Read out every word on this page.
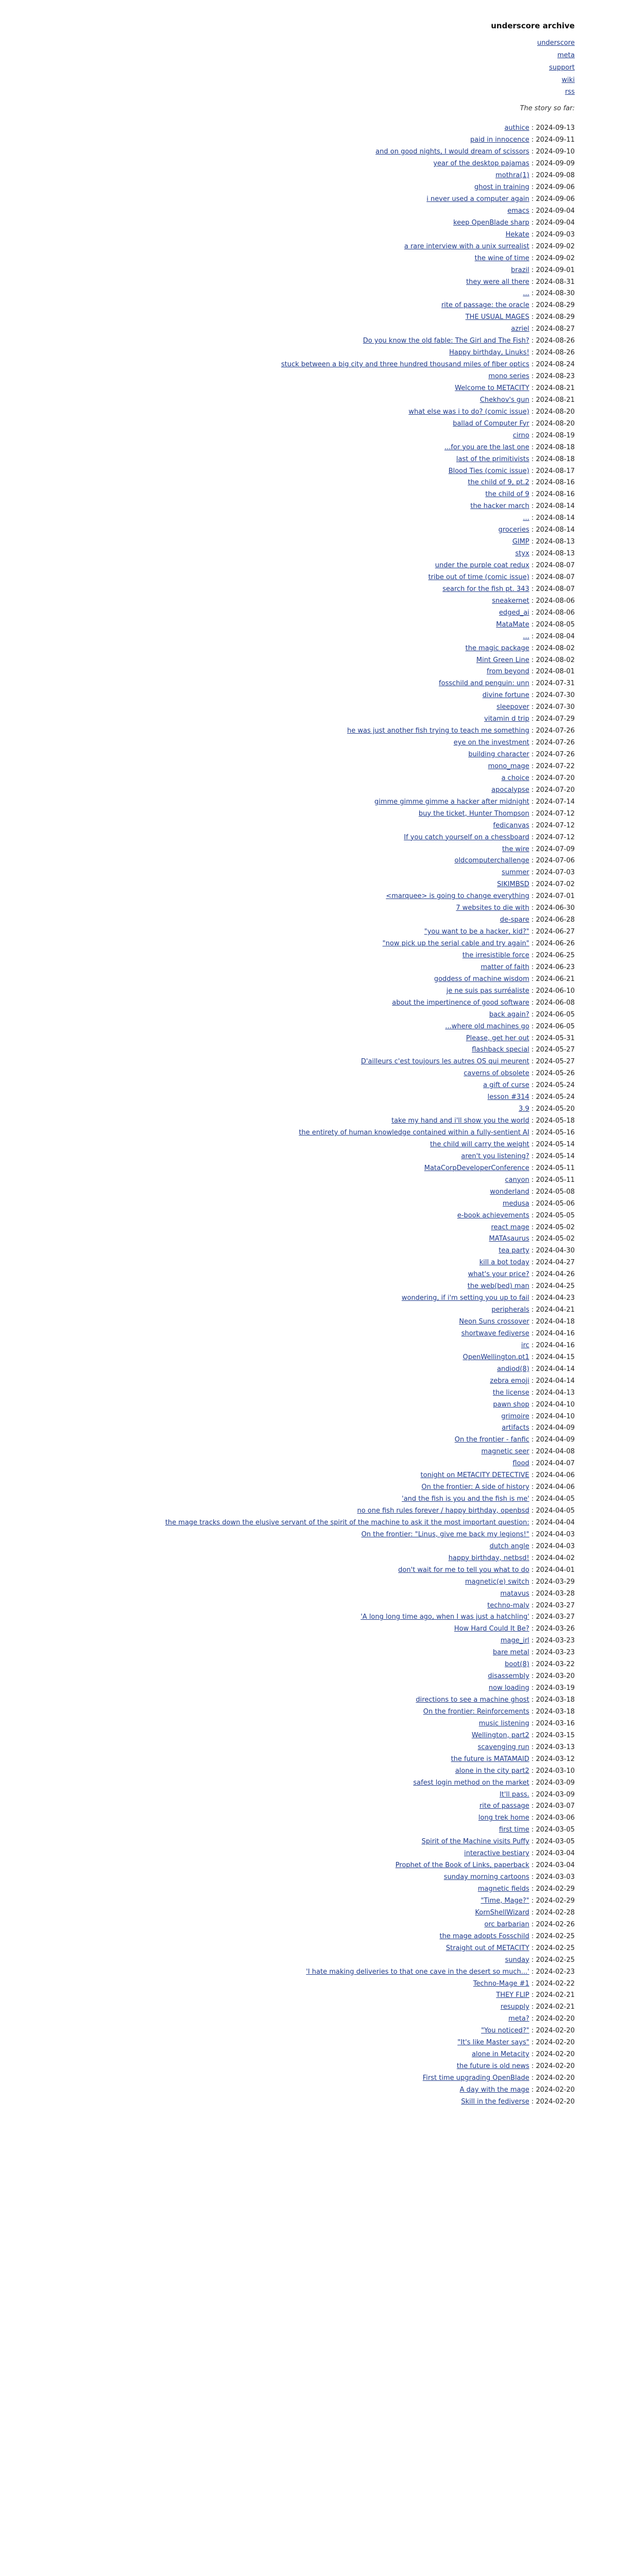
underscore archive
underscore
meta
support
wiki
rss
The story so far:
authice : 2024-09-13
paid in innocence : 2024-09-11
and on good nights, I would dream of scissors : 2024-09-10
year of the desktop pajamas : 2024-09-09
mothra(1) : 2024-09-08
ghost in training : 2024-09-06
i never used a computer again : 2024-09-06
emacs : 2024-09-04
keep OpenBlade sharp : 2024-09-04
Hekate : 2024-09-03
a rare interview with a unix surrealist : 2024-09-02
the wine of time : 2024-09-02
brazil : 2024-09-01
they were all there : 2024-08-31
... : 2024-08-30
rite of passage: the oracle : 2024-08-29
THE USUAL MAGES : 2024-08-29
azriel : 2024-08-27
Do you know the old fable: The Girl and The Fish? : 2024-08-26
Happy birthday, Linuks! : 2024-08-26
stuck between a big city and three hundred thousand miles of fiber optics : 2024-08-24
mono series : 2024-08-23
Welcome to METACITY : 2024-08-21
Chekhov's gun : 2024-08-21
what else was i to do? (comic issue) : 2024-08-20
ballad of Computer Fyr : 2024-08-20
cirno : 2024-08-19
...for you are the last one : 2024-08-18
last of the primitivists : 2024-08-18
Blood Ties (comic issue) : 2024-08-17
the child of 9, pt.2 : 2024-08-16
the child of 9 : 2024-08-16
the hacker march : 2024-08-14
... : 2024-08-14
groceries : 2024-08-14
GIMP : 2024-08-13
styx : 2024-08-13
under the purple coat redux : 2024-08-07
tribe out of time (comic issue) : 2024-08-07
search for the fish pt. 343 : 2024-08-07
sneakernet : 2024-08-06
edged_ai : 2024-08-06
MataMate : 2024-08-05
... : 2024-08-04
the magic package : 2024-08-02
Mint Green Line : 2024-08-02
from beyond : 2024-08-01
fosschild and penguin: unn : 2024-07-31
divine fortune : 2024-07-30
sleepover : 2024-07-30
vitamin d trip : 2024-07-29
he was just another fish trying to teach me something : 2024-07-26
eye on the investment : 2024-07-26
building character : 2024-07-26
mono_mage : 2024-07-22
a choice : 2024-07-20
apocalypse : 2024-07-20
gimme gimme gimme a hacker after midnight : 2024-07-14
buy the ticket, Hunter Thompson : 2024-07-12
fedicanvas : 2024-07-12
If you catch yourself on a chessboard : 2024-07-12
the wire : 2024-07-09
oldcomputerchallenge : 2024-07-06
summer : 2024-07-03
SIKIMBSD : 2024-07-02
<marquee> is going to change everything : 2024-07-01
7 websites to die with : 2024-06-30
de-spare : 2024-06-28
"you want to be a hacker, kid?" : 2024-06-27
"now pick up the serial cable and try again" : 2024-06-26
the irresistible force : 2024-06-25
matter of faith : 2024-06-23
goddess of machine wisdom : 2024-06-21
je ne suis pas surréaliste : 2024-06-10
about the impertinence of good software : 2024-06-08
back again? : 2024-06-05
...where old machines go : 2024-06-05
Please, get her out : 2024-05-31
flashback special : 2024-05-27
D'ailleurs c'est toujours les autres OS qui meurent : 2024-05-27
caverns of obsolete : 2024-05-26
a gift of curse : 2024-05-24
lesson #314 : 2024-05-24
3.9 : 2024-05-20
take my hand and i'll show you the world : 2024-05-18
the entirety of human knowledge contained within a fully-sentient AI : 2024-05-16
the child will carry the weight : 2024-05-14
aren't you listening? : 2024-05-14
MataCorpDeveloperConference : 2024-05-11
canyon : 2024-05-11
wonderland : 2024-05-08
medusa : 2024-05-06
e-book achievements : 2024-05-05
react mage : 2024-05-02
MATAsaurus : 2024-05-02
tea party : 2024-04-30
kill a bot today : 2024-04-27
what's your price? : 2024-04-26
the web(bed) man : 2024-04-25
wondering, if i'm setting you up to fail : 2024-04-23
peripherals : 2024-04-21
Neon Suns crossover : 2024-04-18
shortwave fediverse : 2024-04-16
irc : 2024-04-16
OpenWellington.pt1 : 2024-04-15
andiod(8) : 2024-04-14
zebra emoji : 2024-04-14
the license : 2024-04-13
pawn shop : 2024-04-10
grimoire : 2024-04-10
artifacts : 2024-04-09
On the frontier - fanfic : 2024-04-09
magnetic seer : 2024-04-08
flood : 2024-04-07
tonight on METACITY DETECTIVE : 2024-04-06
On the frontier: A side of history : 2024-04-06
'and the fish is you and the fish is me' : 2024-04-05
no one fish rules forever / happy birthday, openbsd : 2024-04-05
the mage tracks down the elusive servant of the spirit of the machine to ask it the most important question: : 2024-04-04
On the frontier: "Linus, give me back my legions!" : 2024-04-03
dutch angle : 2024-04-03
happy birthday, netbsd! : 2024-04-02
don't wait for me to tell you what to do : 2024-04-01
magnetic(e) switch : 2024-03-29
matavus : 2024-03-28
techno-malv : 2024-03-27
'A long long time ago, when I was just a hatchling' : 2024-03-27
How Hard Could It Be? : 2024-03-26
mage_irl : 2024-03-23
bare metal : 2024-03-23
boot(8) : 2024-03-22
disassembly : 2024-03-20
now loading : 2024-03-19
directions to see a machine ghost : 2024-03-18
On the frontier: Reinforcements : 2024-03-18
music listening : 2024-03-16
Wellington, part2 : 2024-03-15
scavenging run : 2024-03-13
the future is MATAMAID : 2024-03-12
alone in the city part2 : 2024-03-10
safest login method on the market : 2024-03-09
It'll pass. : 2024-03-09
rite of passage : 2024-03-07
long trek home : 2024-03-06
first time : 2024-03-05
Spirit of the Machine visits Puffy : 2024-03-05
interactive bestiary : 2024-03-04
Prophet of the Book of Links, paperback : 2024-03-04
sunday morning cartoons : 2024-03-03
magnetic fields : 2024-02-29
"Time, Mage?" : 2024-02-29
KornShellWizard : 2024-02-28
orc barbarian : 2024-02-26
the mage adopts Fosschild : 2024-02-25
Straight out of METACITY : 2024-02-25
sunday : 2024-02-25
'I hate making deliveries to that one cave in the desert so much...' : 2024-02-23
Techno-Mage #1 : 2024-02-22
THEY FLIP : 2024-02-21
resupply : 2024-02-21
meta? : 2024-02-20
"You noticed?" : 2024-02-20
"It's like Master says" : 2024-02-20
alone in Metacity : 2024-02-20
the future is old news : 2024-02-20
First time upgrading OpenBlade : 2024-02-20
A day with the mage : 2024-02-20
Skill in the fediverse : 2024-02-20
